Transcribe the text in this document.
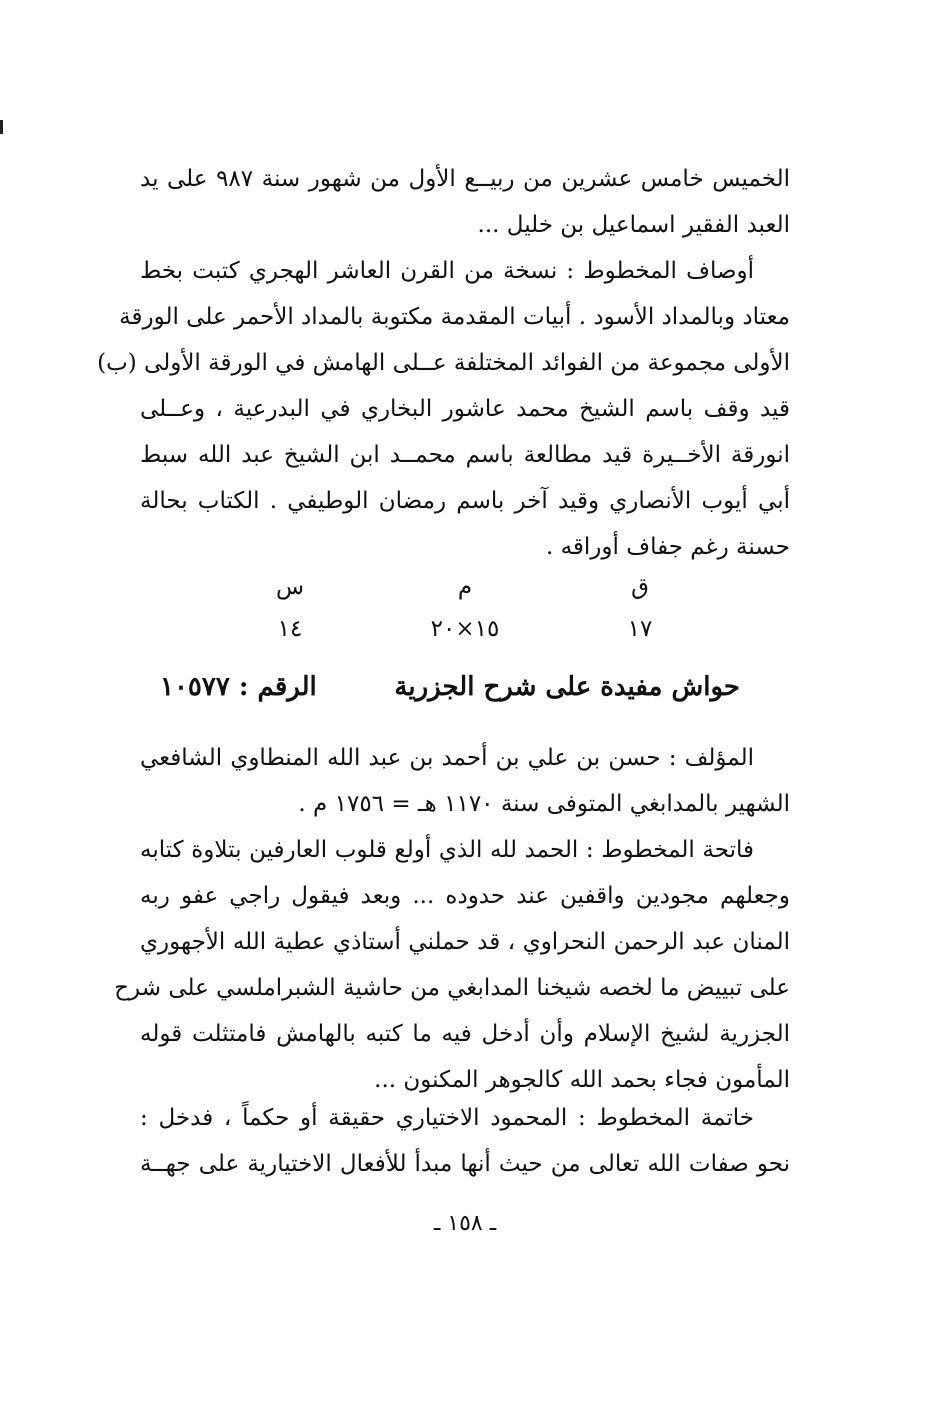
الخميس خامس عشرين من ربيــع الأول من شهور سنة ٩٨٧ على يد
العبد الفقير اسماعيل بن خليل ...
أوصاف المخطوط : نسخة من القرن العاشر الهجري كتبت بخط
معتاد وبالمداد الأسود . أبيات المقدمة مكتوبة بالمداد الأحمر على الورقة
الأولى مجموعة من الفوائد المختلفة عــلى الهامش في الورقة الأولى (ب)
قيد وقف باسم الشيخ محمد عاشور البخاري في البدرعية ، وعــلى
انورقة الأخــيرة قيد مطالعة باسم محمــد ابن الشيخ عبد الله سبط
أبي أيوب الأنصاري وقيد آخر باسم رمضان الوطيفي . الكتاب بحالة
حسنة رغم جفاف أوراقه .
ق
م
س
١٧
١٥×٢٠
١٤
حواش مفيدة على شرح الجزرية
الرقم : ١٠٥٧٧
المؤلف : حسن بن علي بن أحمد بن عبد الله المنطاوي الشافعي
الشهير بالمدابغي المتوفى سنة ١١٧٠ هـ = ١٧٥٦ م .
فاتحة المخطوط : الحمد لله الذي أولع قلوب العارفين بتلاوة كتابه
وجعلهم مجودين واقفين عند حدوده ... وبعد فيقول راجي عفو ربه
المنان عبد الرحمن النحراوي ، قد حملني أستاذي عطية الله الأجهوري
على تبييض ما لخصه شيخنا المدابغي من حاشية الشبراملسي على شرح
الجزرية لشيخ الإسلام وأن أدخل فيه ما كتبه بالهامش فامتثلت قوله
المأمون فجاء بحمد الله كالجوهر المكنون ...
خاتمة المخطوط : المحمود الاختياري حقيقة أو حكماً ، فدخل :
نحو صفات الله تعالى من حيث أنها مبدأ للأفعال الاختيارية على جهــة
ـ ١٥٨ ـ
